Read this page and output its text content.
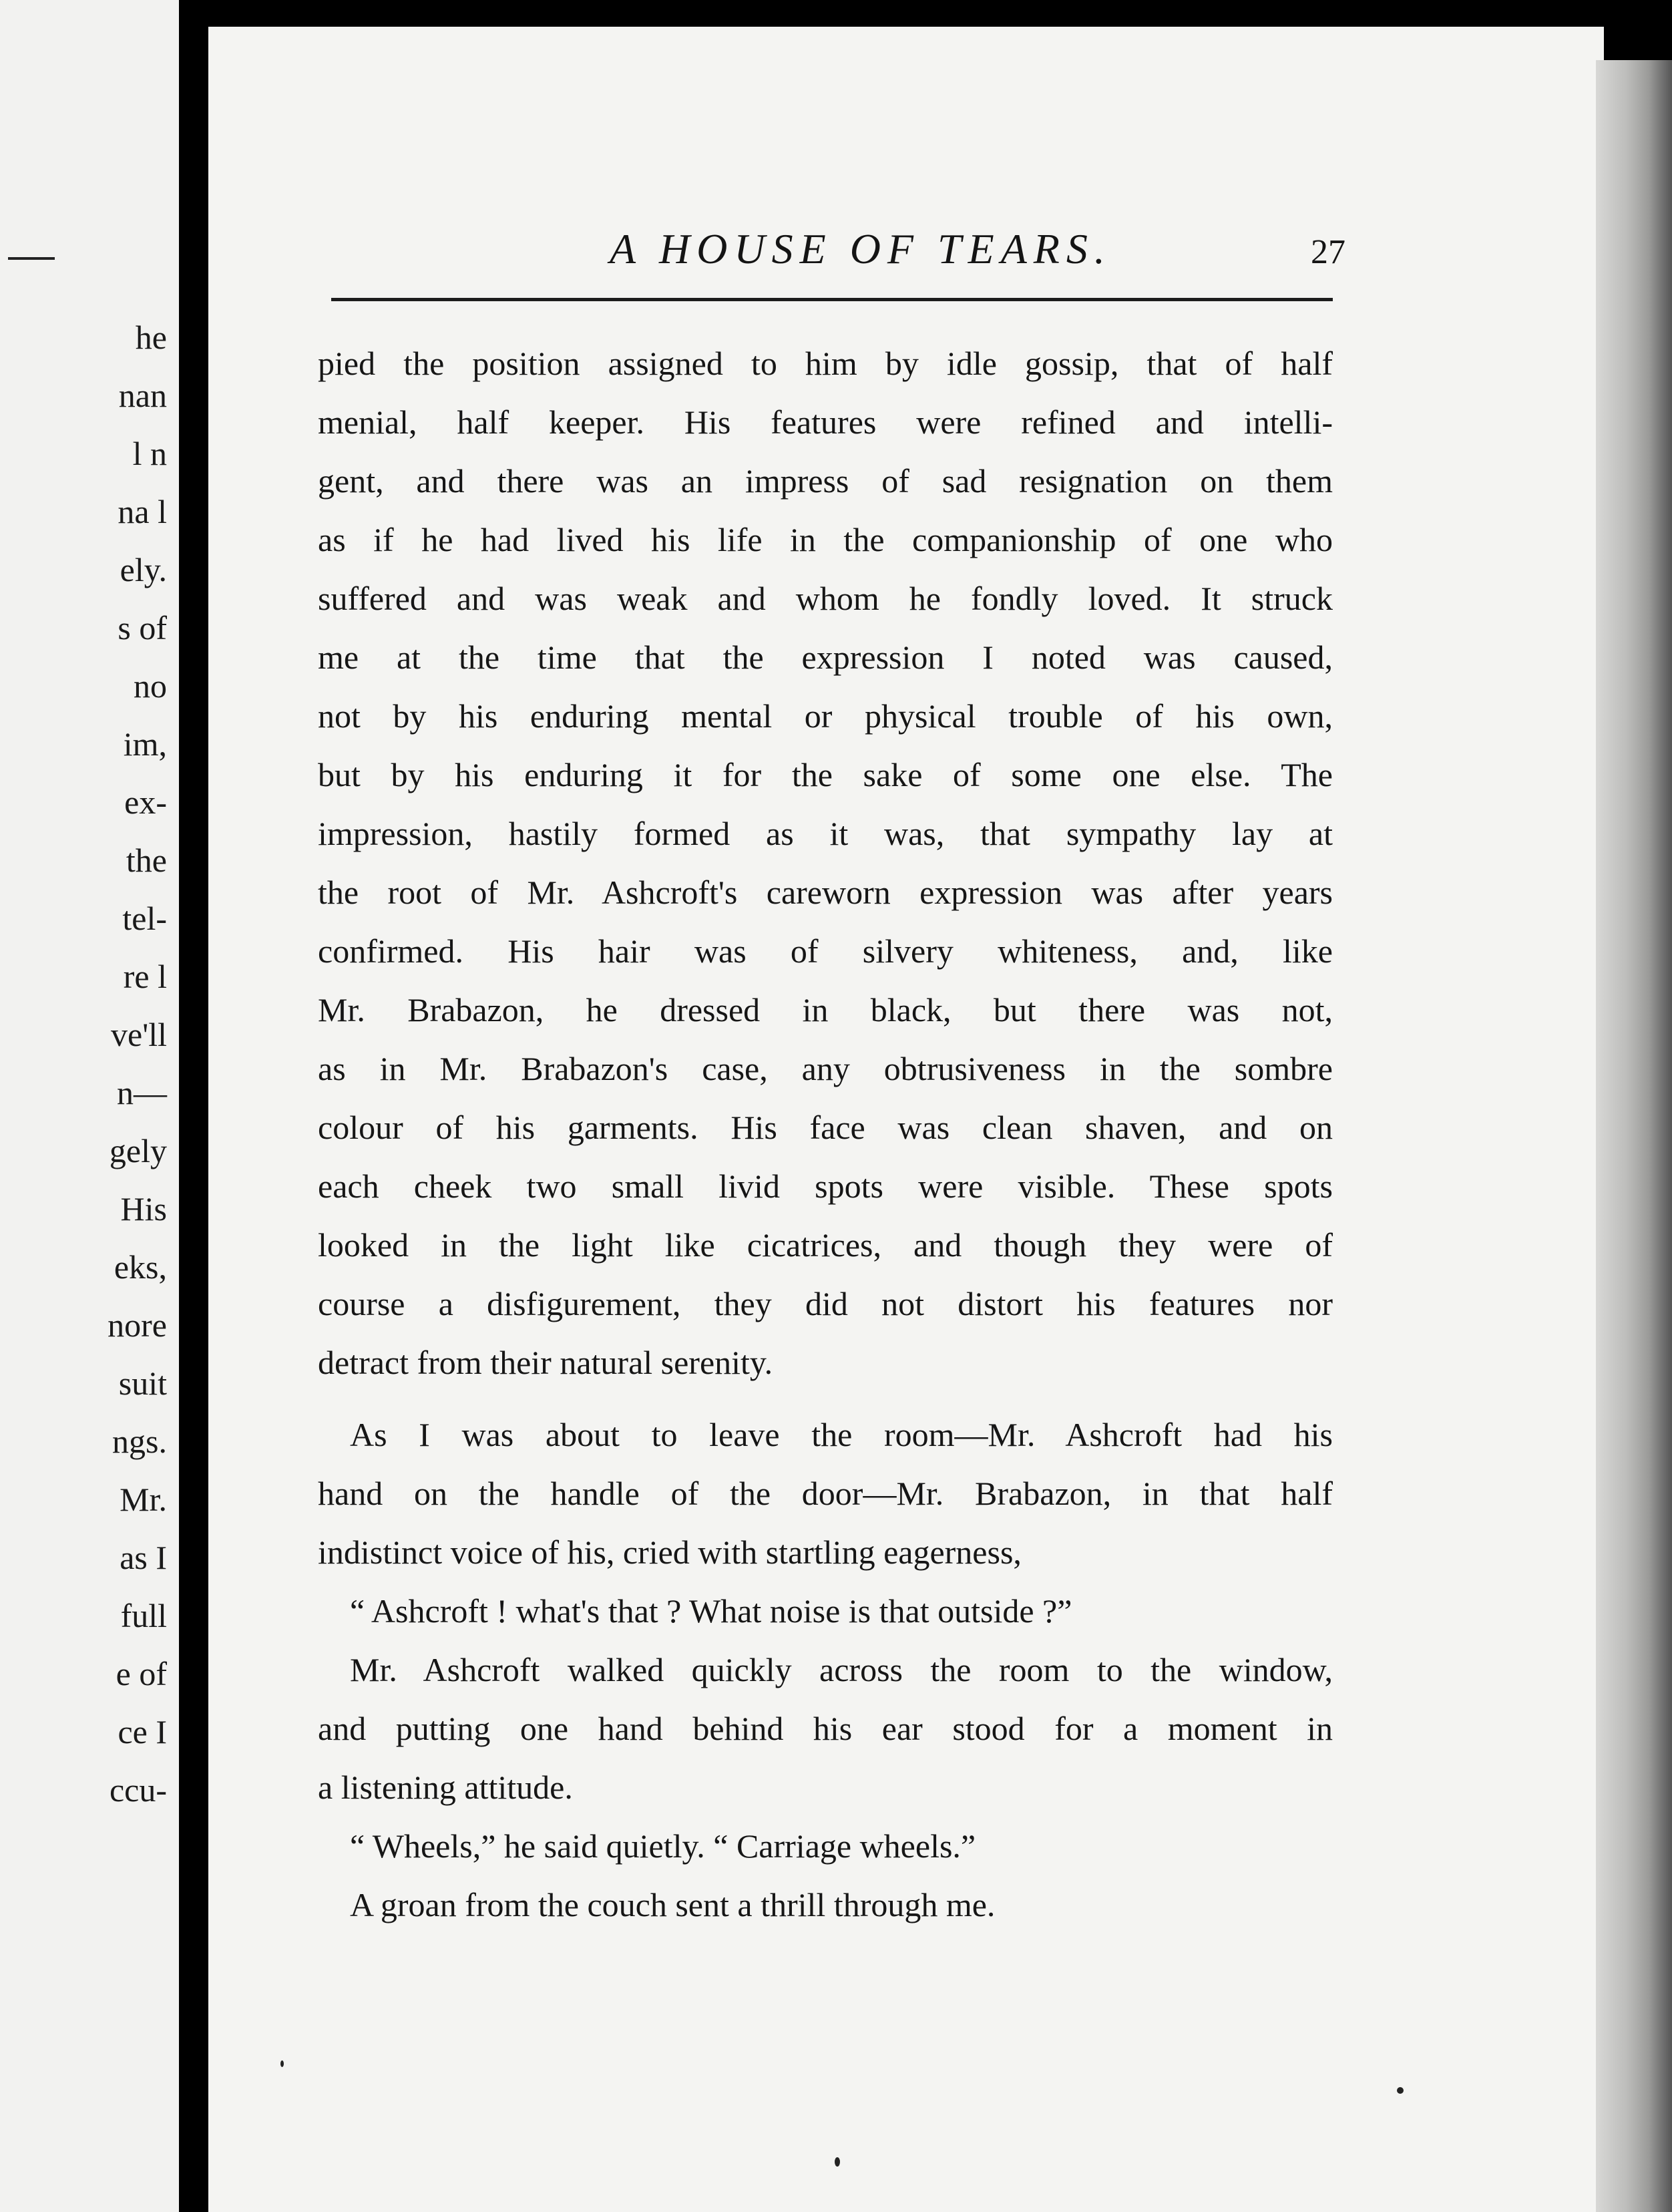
he
nan
l n
na l
ely.
s of
no
im,
ex-
the
tel-
re l
ve'll
n—
gely
His
eks,
nore
suit
ngs.
Mr.
as I
full
e of
ce I
ccu-
A HOUSE OF TEARS.	27
pied the position assigned to him by idle gossip, that of half
menial, half keeper. His features were refined and intelli-
gent, and there was an impress of sad resignation on them
as if he had lived his life in the companionship of one who
suffered and was weak and whom he fondly loved. It struck
me at the time that the expression I noted was caused,
not by his enduring mental or physical trouble of his own,
but by his enduring it for the sake of some one else. The
impression, hastily formed as it was, that sympathy lay at
the root of Mr. Ashcroft's careworn expression was after years
confirmed. His hair was of silvery whiteness, and, like
Mr. Brabazon, he dressed in black, but there was not,
as in Mr. Brabazon's case, any obtrusiveness in the sombre
colour of his garments. His face was clean shaven, and on
each cheek two small livid spots were visible. These spots
looked in the light like cicatrices, and though they were of
course a disfigurement, they did not distort his features nor
detract from their natural serenity.
As I was about to leave the room—Mr. Ashcroft had his
hand on the handle of the door—Mr. Brabazon, in that half
indistinct voice of his, cried with startling eagerness,
“ Ashcroft ! what's that ? What noise is that outside ?”
Mr. Ashcroft walked quickly across the room to the window,
and putting one hand behind his ear stood for a moment in
a listening attitude.
“ Wheels,” he said quietly. “ Carriage wheels.”
A groan from the couch sent a thrill through me.
